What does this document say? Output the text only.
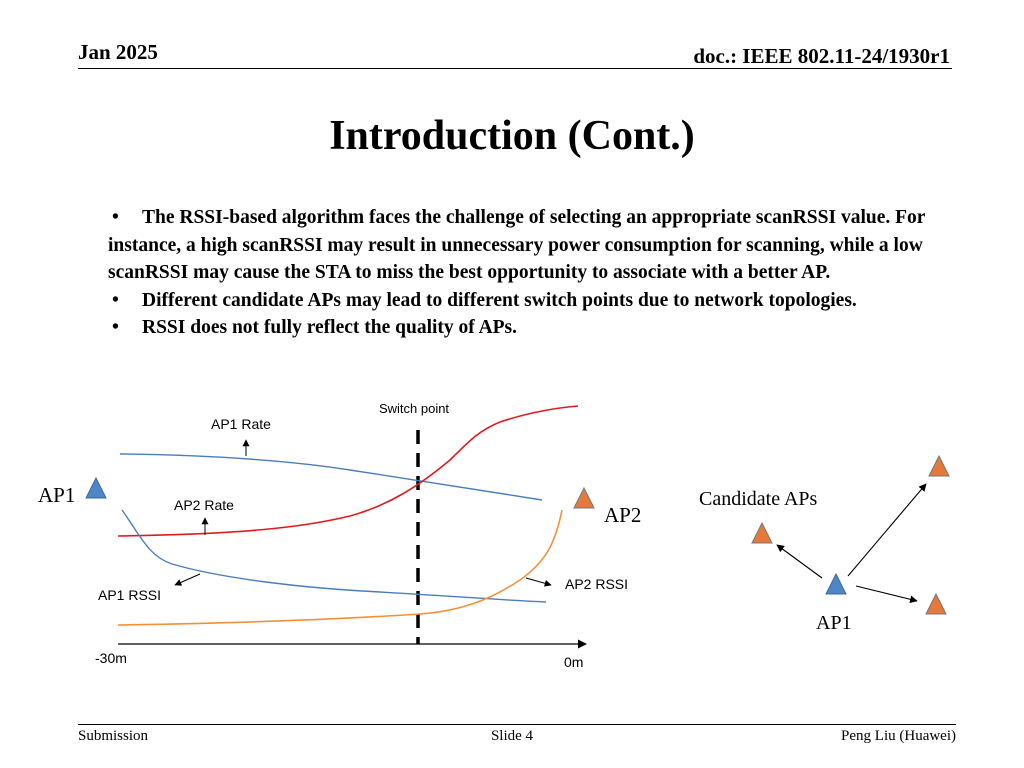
Jan 2025	doc.: IEEE 802.11-24/1930r1
Introduction (Cont.)

• The RSSI-based algorithm faces the challenge of selecting an appropriate scanRSSI value. For instance, a high scanRSSI may result in unnecessary power consumption for scanning, while a low scanRSSI may cause the STA to miss the best opportunity to associate with a better AP.

• Different candidate APs may lead to different switch points due to network topologies.

• RSSI does not fully reflect the quality of APs.

Switch point
AP1 Rate
AP2 Rate
AP1 RSSI
AP2 RSSI
-30m	0m
AP1
AP2
Candidate APs
AP1
Submission	Slide 4	Peng Liu (Huawei)
